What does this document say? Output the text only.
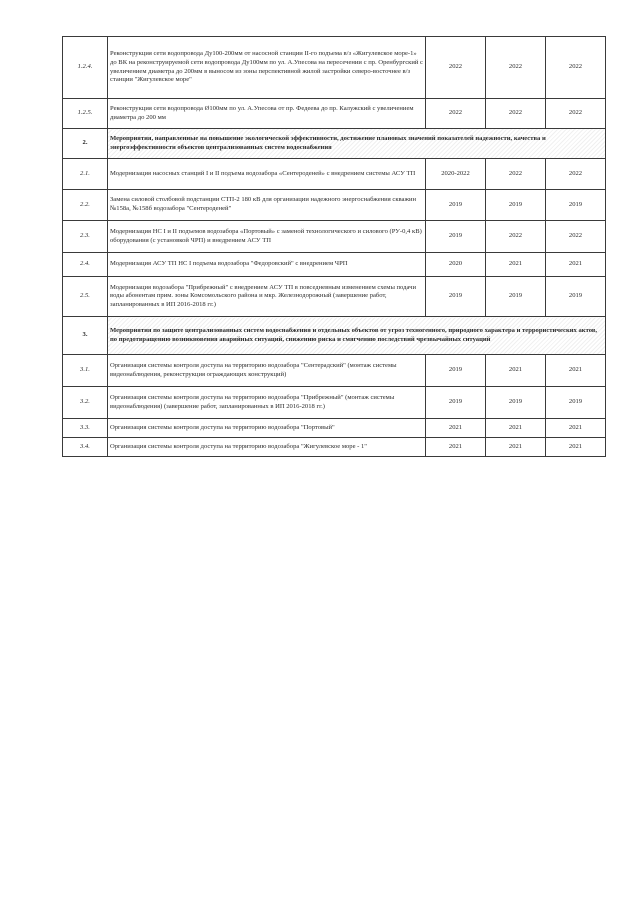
1.2.4.	Реконструкция сети водопровода Ду100-200мм от насосной станции II-го подъема в/з «Жигулевское море-1» до ВК на реконструируемой сети водопровода Ду100мм по ул. А.Упесова на пересечении с пр. Оренбургский с увеличением диаметра до 200мм в выносом из зоны перспективной жилой застройки северо-восточнее в/з станции "Жигулевское море"	2022	2022	2022
1.2.5.	Реконструкция сети водопровода Ø100мм по ул. А.Упесова от пр. Федеева до пр. Калужский с увеличением диаметра до 200 мм	2022	2022	2022
2.	Мероприятия, направленные на повышение экологической эффективности, достижение плановых значений показателей надежности, качества и энергоэффективности объектов централизованных систем водоснабжения			
2.1.	Модернизация насосных станций I и II подъема водозабора «Сентероденей» с внедрением системы АСУ ТП	2020-2022	2022	2022
2.2.	Замена силовой столбовой подстанции СТП-2 180 кВ для организации надежного энергоснабжения скважин №158а, №158б водозабора "Сентероденей"	2019	2019	2019
2.3.	Модернизация НС I и II подъемов водозабора «Портовый» с заменой технологического и силового (РУ-0,4 кВ) оборудования (с установкой ЧРП) и внедрением АСУ ТП	2019	2022	2022
2.4.	Модернизация АСУ ТП НС I подъема водозабора "Федоровский" с внедрением ЧРП	2020	2021	2021
2.5.	Модернизация водозабора "Прибрежный" с внедрением АСУ ТП в повседневным изменением схемы подачи воды абонентам прим. зоны Комсомольского района и мкр. Железнодорожный (завершение работ, запланированных в ИП 2016-2018 гг.)	2019	2019	2019
3.	Мероприятия по защите централизованных систем водоснабжения и отдельных объектов от угроз техногенного, природного характера и террористических актов, по предотвращению возникновения аварийных ситуаций, снижению риска и смягчению последствий чрезвычайных ситуаций			
3.1.	Организация системы контроля доступа на территорию водозабора "Сентерадский" (монтаж системы видеонаблюдения, реконструкция ограждающих конструкций)	2019	2021	2021
3.2.	Организация системы контроля доступа на территорию водозабора "Прибрежный" (монтаж системы видеонаблюдения) (завершение работ, запланированных в ИП 2016-2018 гг.)	2019	2019	2019
3.3.	Организация системы контроля доступа на территорию водозабора "Портовый"	2021	2021	2021
3.4.	Организация системы контроля доступа на территорию водозабора "Жигулевское море - 1"	2021	2021	2021
